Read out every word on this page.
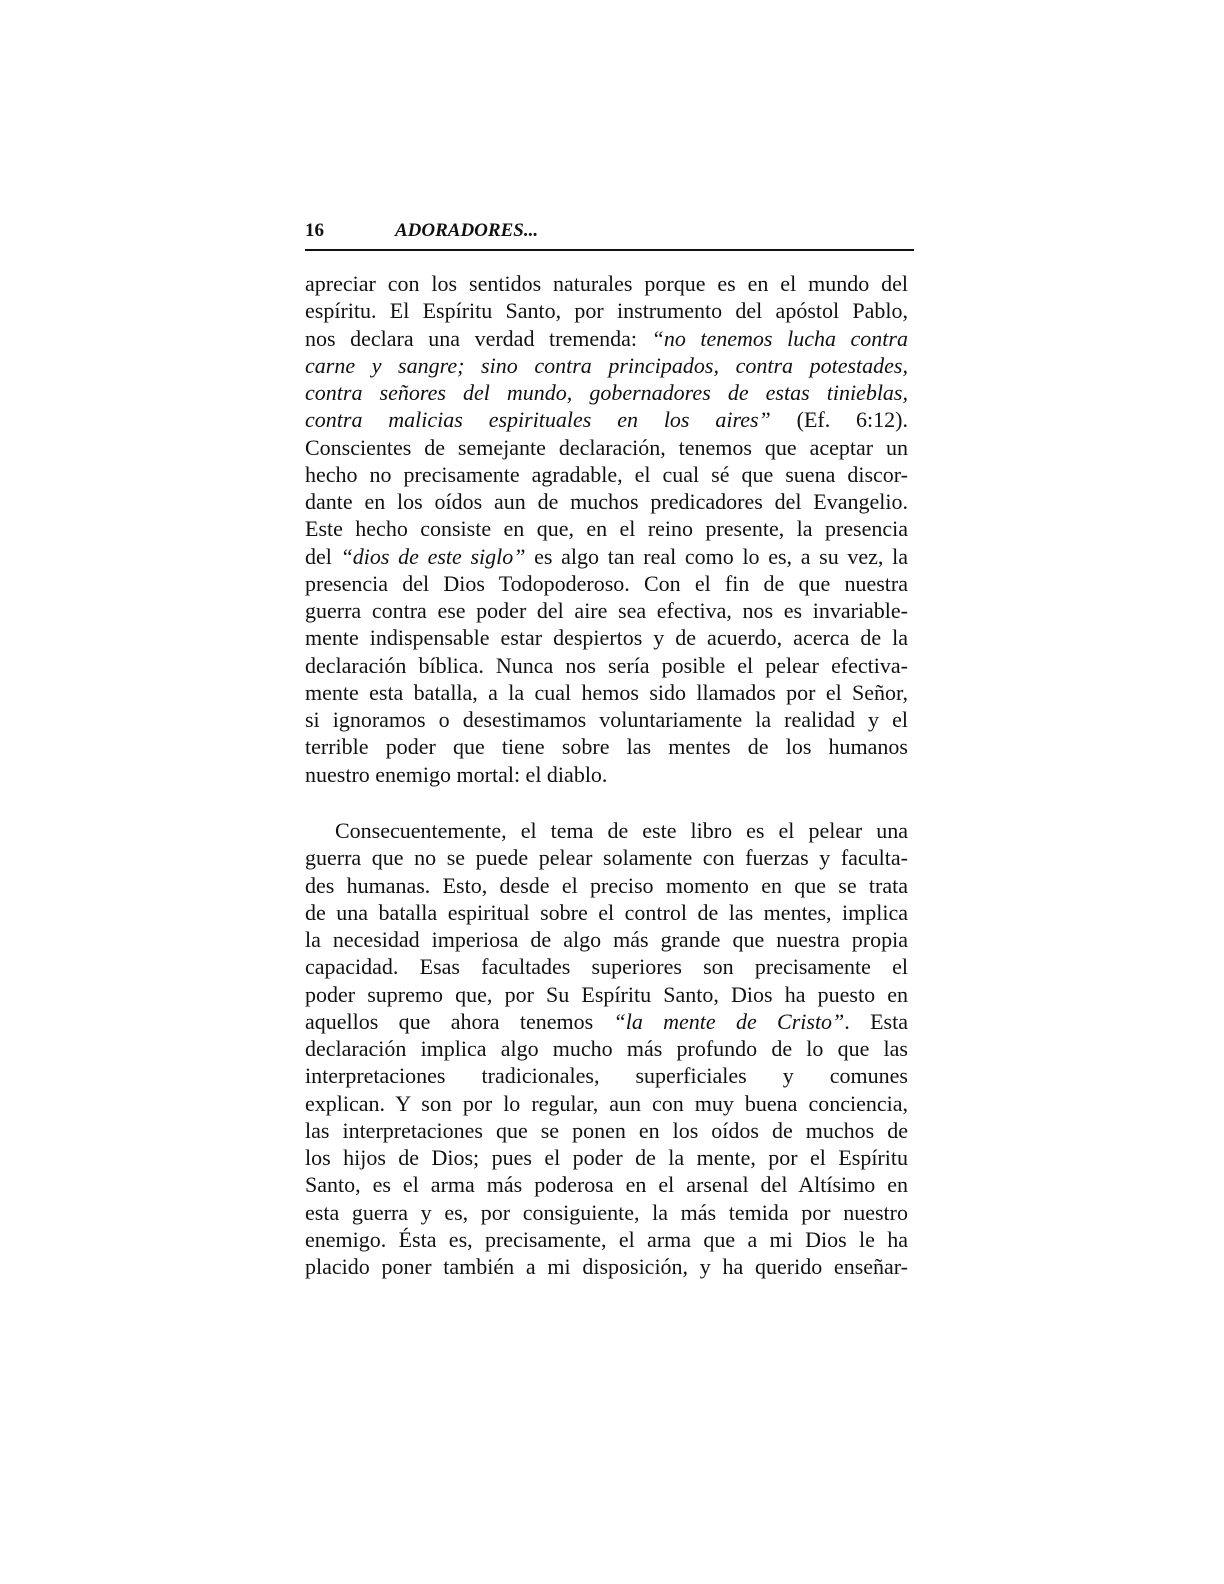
16	ADORADORES...
apreciar con los sentidos naturales porque es en el mundo del
espíritu. El Espíritu Santo, por instrumento del apóstol Pablo,
nos declara una verdad tremenda: “no tenemos lucha contra
carne y sangre; sino contra principados, contra potestades,
contra señores del mundo, gobernadores de estas tinieblas,
contra malicias espirituales en los aires” (Ef. 6:12).
Conscientes de semejante declaración, tenemos que aceptar un
hecho no precisamente agradable, el cual sé que suena discor-
dante en los oídos aun de muchos predicadores del Evangelio.
Este hecho consiste en que, en el reino presente, la presencia
del “dios de este siglo” es algo tan real como lo es, a su vez, la
presencia del Dios Todopoderoso. Con el fin de que nuestra
guerra contra ese poder del aire sea efectiva, nos es invariable-
mente indispensable estar despiertos y de acuerdo, acerca de la
declaración bíblica. Nunca nos sería posible el pelear efectiva-
mente esta batalla, a la cual hemos sido llamados por el Señor,
si ignoramos o desestimamos voluntariamente la realidad y el
terrible poder que tiene sobre las mentes de los humanos
nuestro enemigo mortal: el diablo.
Consecuentemente, el tema de este libro es el pelear una
guerra que no se puede pelear solamente con fuerzas y faculta-
des humanas. Esto, desde el preciso momento en que se trata
de una batalla espiritual sobre el control de las mentes, implica
la necesidad imperiosa de algo más grande que nuestra propia
capacidad. Esas facultades superiores son precisamente el
poder supremo que, por Su Espíritu Santo, Dios ha puesto en
aquellos que ahora tenemos “la mente de Cristo”. Esta
declaración implica algo mucho más profundo de lo que las
interpretaciones tradicionales, superficiales y comunes
explican. Y son por lo regular, aun con muy buena conciencia,
las interpretaciones que se ponen en los oídos de muchos de
los hijos de Dios; pues el poder de la mente, por el Espíritu
Santo, es el arma más poderosa en el arsenal del Altísimo en
esta guerra y es, por consiguiente, la más temida por nuestro
enemigo. Ésta es, precisamente, el arma que a mi Dios le ha
placido poner también a mi disposición, y ha querido enseñar-
